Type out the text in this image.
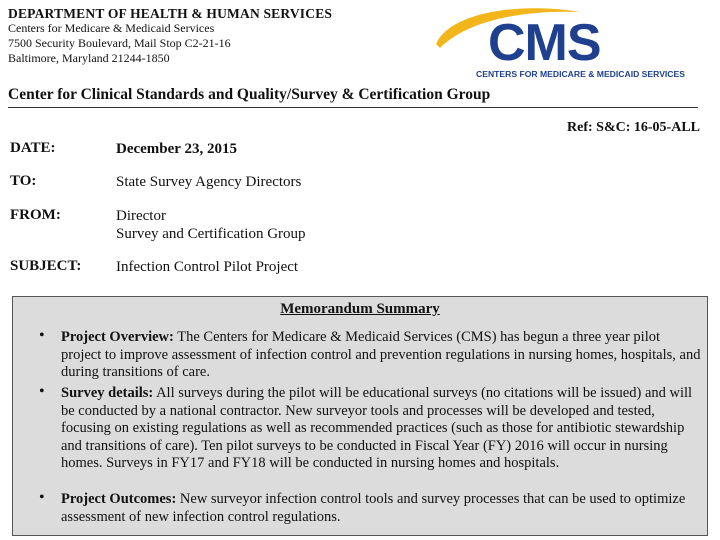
DEPARTMENT OF HEALTH & HUMAN SERVICES
Centers for Medicare & Medicaid Services
7500 Security Boulevard, Mail Stop C2-21-16
Baltimore, Maryland 21244-1850	CMS
CENTERS FOR MEDICARE & MEDICAID SERVICES
Center for Clinical Standards and Quality/Survey & Certification Group
Ref: S&C: 16-05-ALL
DATE:	December 23, 2015
TO:	State Survey Agency Directors
FROM:	Director
Survey and Certification Group
SUBJECT: Infection Control Pilot Project
Memorandum Summary
• Project Overview: The Centers for Medicare & Medicaid Services (CMS) has begun a three year pilot project to improve assessment of infection control and prevention regulations in nursing homes, hospitals, and during transitions of care.
• Survey details: All surveys during the pilot will be educational surveys (no citations will be issued) and will be conducted by a national contractor. New surveyor tools and processes will be developed and tested, focusing on existing regulations as well as recommended practices (such as those for antibiotic stewardship and transitions of care). Ten pilot surveys to be conducted in Fiscal Year (FY) 2016 will occur in nursing homes. Surveys in FY17 and FY18 will be conducted in nursing homes and hospitals.
• Project Outcomes: New surveyor infection control tools and survey processes that can be used to optimize assessment of new infection control regulations.
